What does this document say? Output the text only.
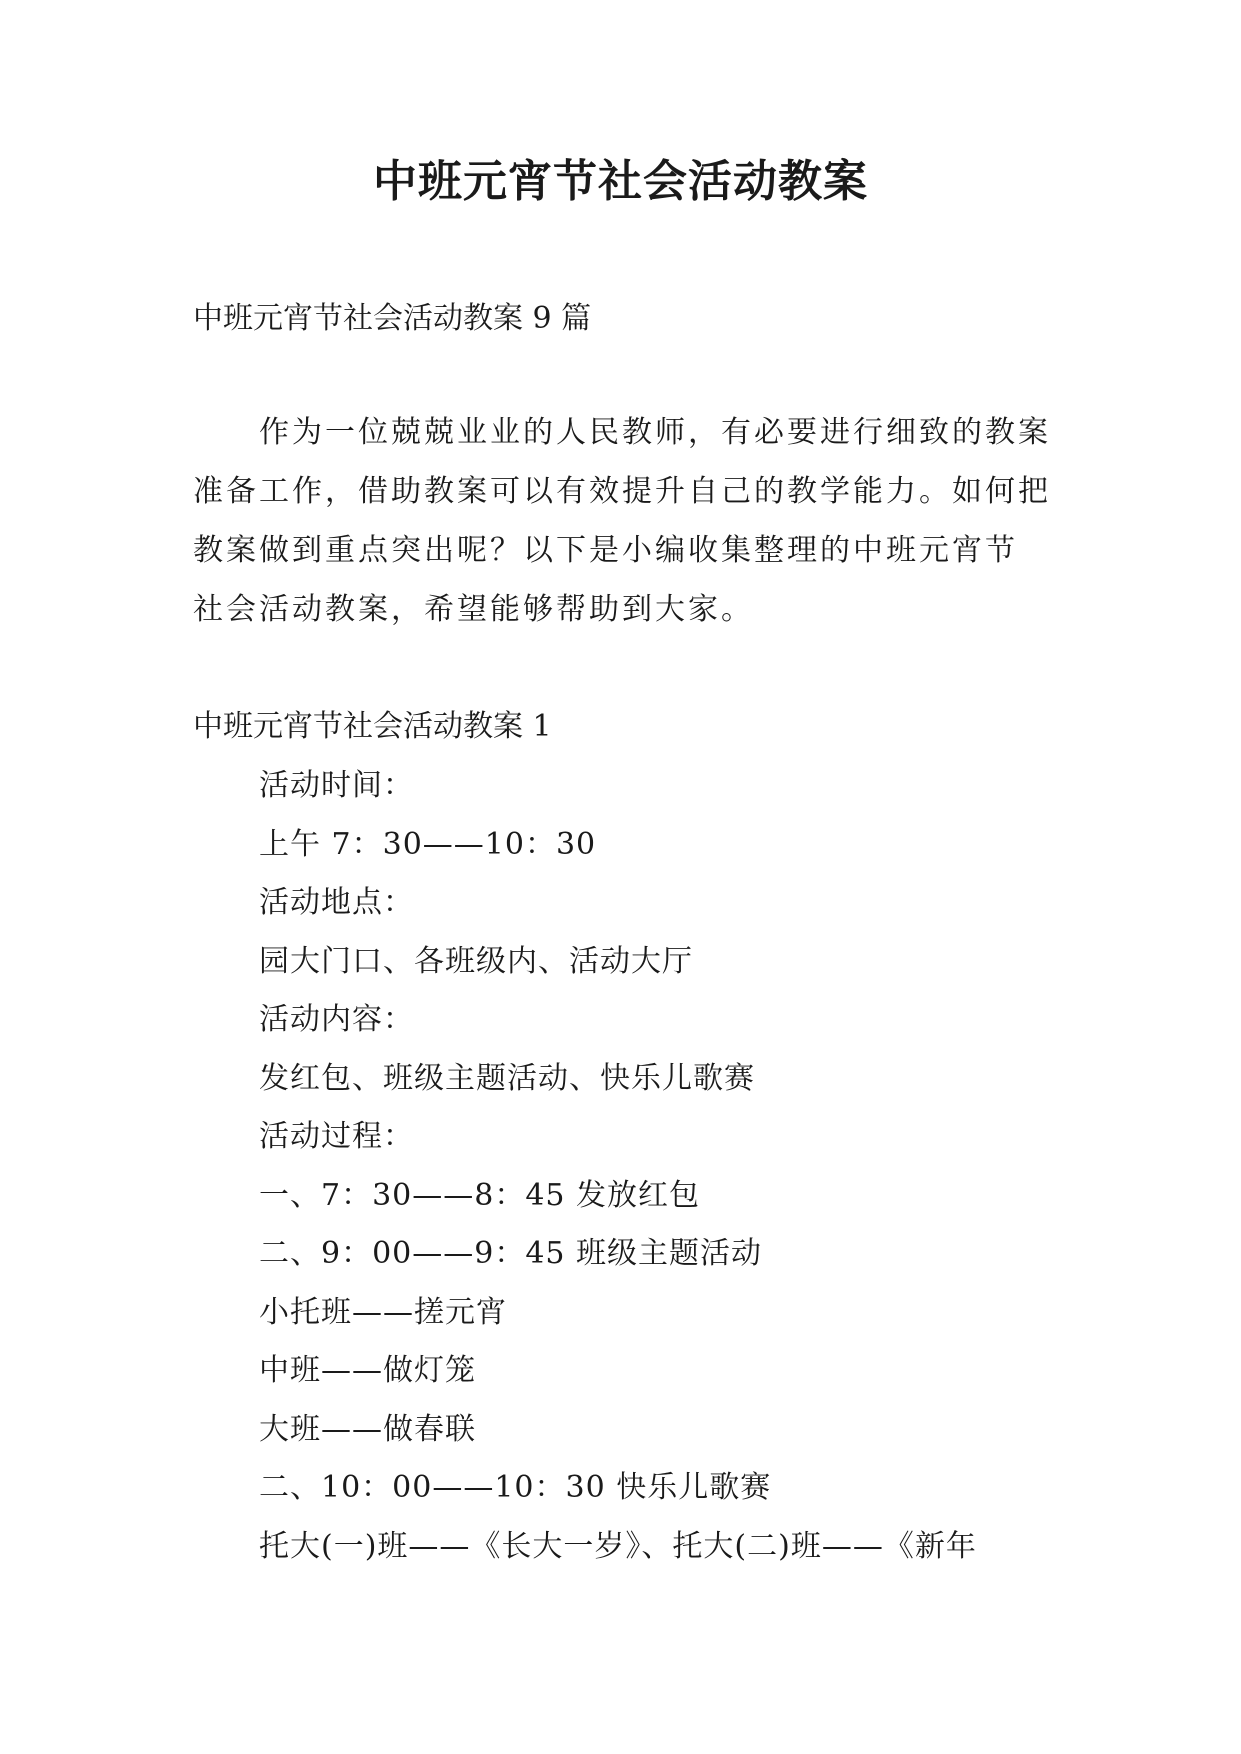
中班元宵节社会活动教案

中班元宵节社会活动教案 9 篇

作为一位兢兢业业的人民教师，有必要进行细致的教案
准备工作，借助教案可以有效提升自己的教学能力。如何把
教案做到重点突出呢？以下是小编收集整理的中班元宵节
社会活动教案，希望能够帮助到大家。

中班元宵节社会活动教案 1
活动时间：
上午 7：30——10：30
活动地点：
园大门口、各班级内、活动大厅
活动内容：
发红包、班级主题活动、快乐儿歌赛
活动过程：
一、7：30——8：45 发放红包
二、9：00——9：45 班级主题活动
小托班——搓元宵
中班——做灯笼
大班——做春联
二、10：00——10：30 快乐儿歌赛
托大(一)班——《长大一岁》、托大(二)班——《新年
